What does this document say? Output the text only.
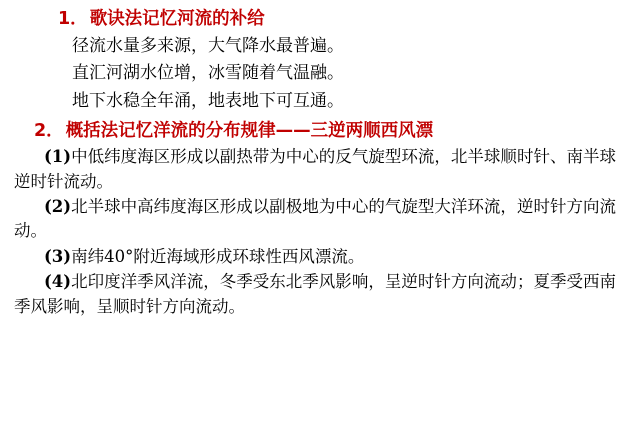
1． 歌诀法记忆河流的补给

径流水量多来源，大气降水最普遍。

直汇河湖水位增，冰雪随着气温融。

地下水稳全年涌，地表地下可互通。

2． 概括法记忆洋流的分布规律——三逆两顺西风漂

(1)中低纬度海区形成以副热带为中心的反气旋型环流，北半球顺时针、南半球逆时针流动。

(2)北半球中高纬度海区形成以副极地为中心的气旋型大洋环流，逆时针方向流动。

(3)南纬40°附近海域形成环球性西风漂流。

(4)北印度洋季风洋流，冬季受东北季风影响，呈逆时针方向流动；夏季受西南季风影响，呈顺时针方向流动。
